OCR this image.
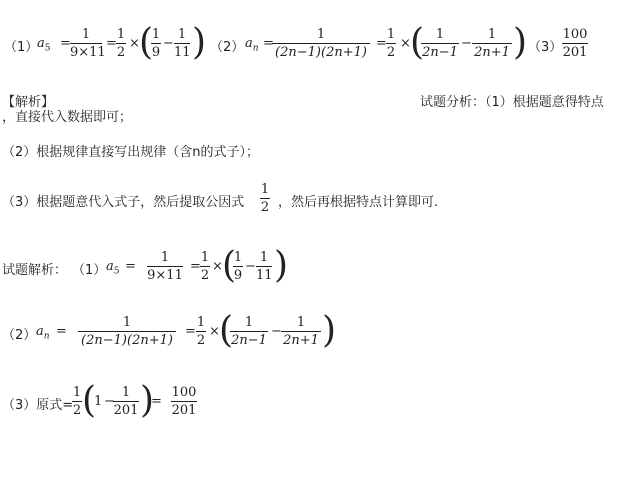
（1）
$a_5$ =
1
9×11
=
1
2
× (
1
9
−
1
11 ) （2） $a_n$ =
1
(2n−1)(2n+1)
=
1
2
× ( 1
2n−1
−
1
2n+1 ) （3）
100
201
【解析】	试题分析：（1）根据题意得特点
，直接代入数据即可；
（2）根据规律直接写出规律（含n的式子）；
（3）根据题意代入式子，然后提取公因式
1
2 ，然后再根据特点计算即可.
试题解析： （1） $a_5$ =
1
9×11
=
1
2
× (
1
9
−
1
11 )
（2） $a_n$ =
1
(2n−1)(2n+1)
=
1
2
× ( 1
2n−1
−
1
2n+1 )
（3）原式=
1
2 (
1 −
1
201 )
=
100
201
